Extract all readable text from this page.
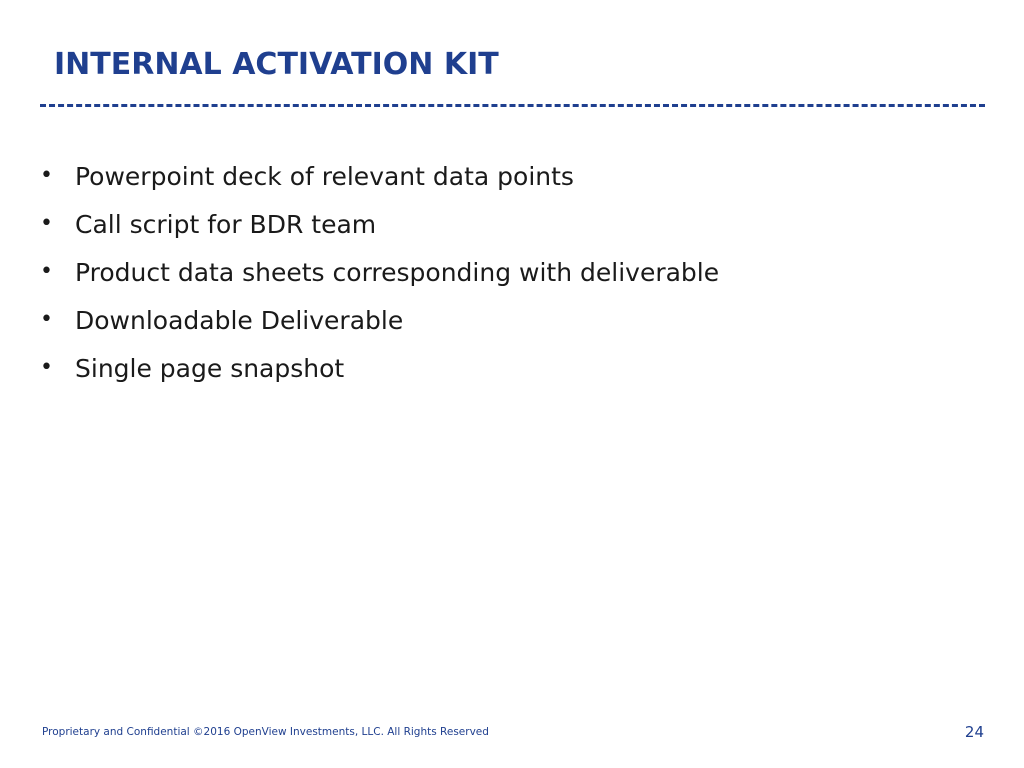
INTERNAL ACTIVATION KIT
• Powerpoint deck of relevant data points
• Call script for BDR team
• Product data sheets corresponding with deliverable
• Downloadable Deliverable
• Single page snapshot
Proprietary and Confidential ©2016 OpenView Investments, LLC. All Rights Reserved	24
